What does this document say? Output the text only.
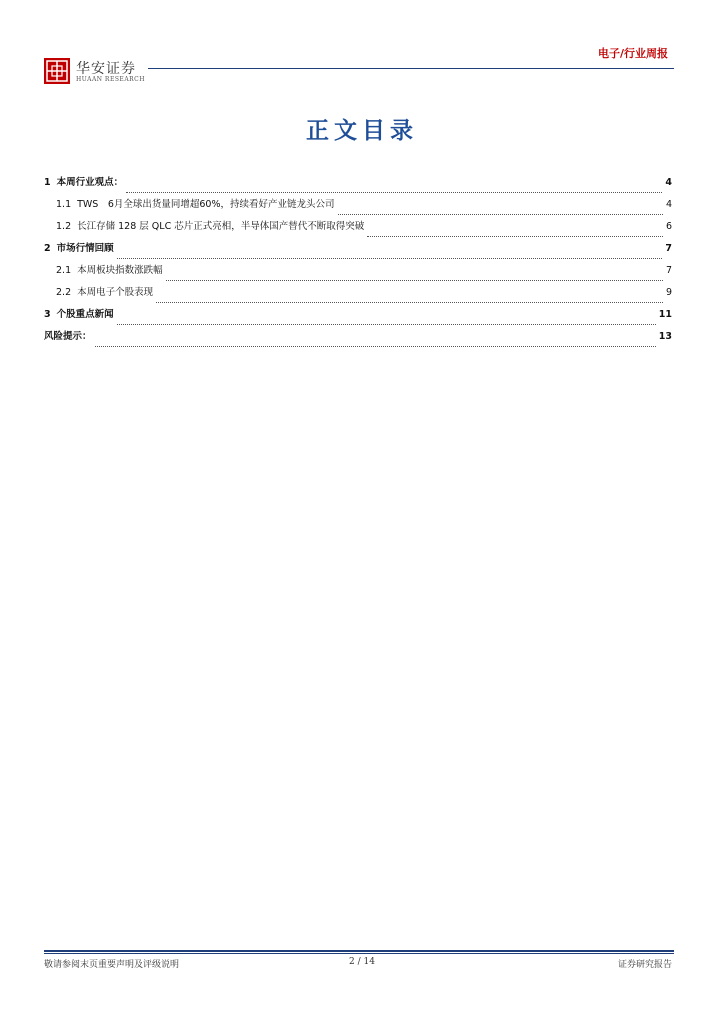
华安证券
HUAAN RESEARCH
电子/行业周报
正文目录
1 本周行业观点：	4
1.1 TWS　6月全球出货量同增超60%，持续看好产业链龙头公司	4
1.2 长江存储 128 层 QLC 芯片正式亮相，半导体国产替代不断取得突破	6
2 市场行情回顾	7
2.1 本周板块指数涨跌幅	7
2.2 本周电子个股表现	9
3 个股重点新闻	11
风险提示：	13
敬请参阅末页重要声明及评级说明	2 / 14	证券研究报告
